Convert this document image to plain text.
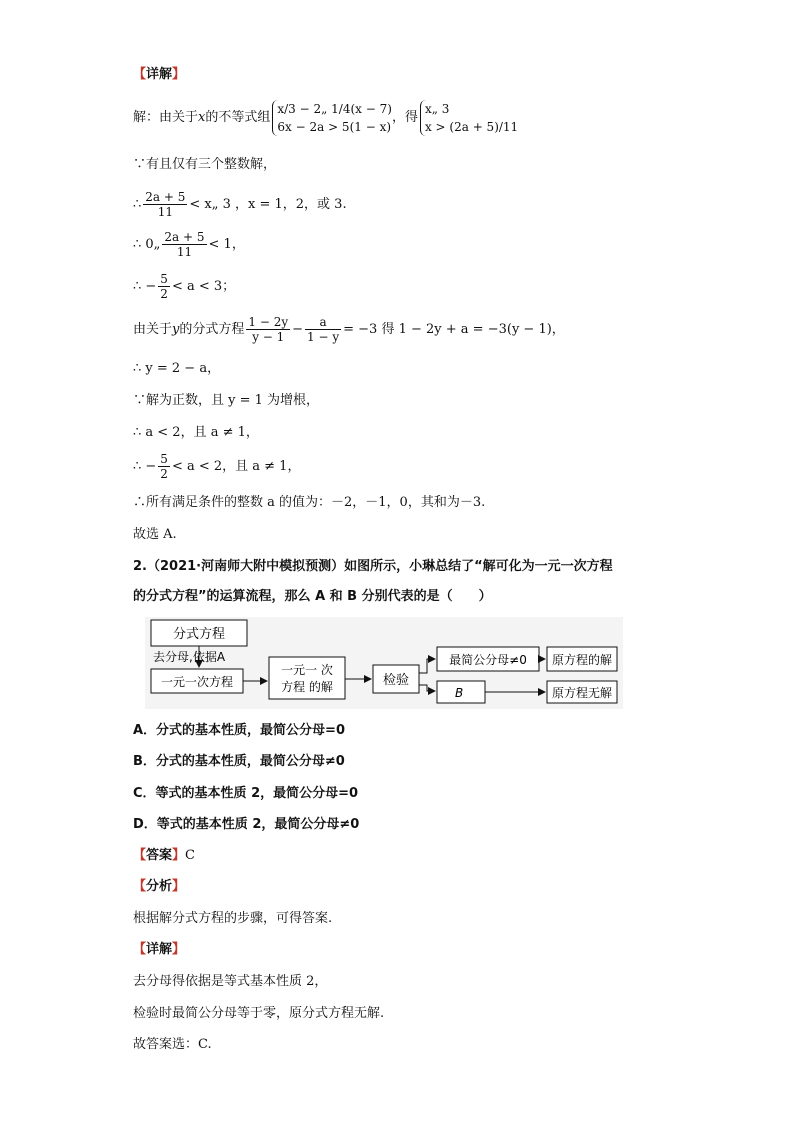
【详解】
解：由关于x的不等式组
x/3 − 2„ 1/4(x − 7)
6x − 2a > 5(1 − x)
，得
x„ 3
x > (2a + 5)/11
∵有且仅有三个整数解，
∴ $\frac{2a + 5}{11}$ < x„ 3 ，x = 1，2，或 3.
∴ 0„ $\frac{2a + 5}{11} < 1$，
∴ − $\frac{5}{2} < a < 3$；
由关于y的分式方程 $\frac{1 - 2y}{y - 1} - \frac{a}{1 - y} = -3$ 得 1 − 2y + a = −3(y − 1)，
∴ y = 2 − a，
∵解为正数，且 y = 1 为增根，
∴ a < 2，且 a ≠ 1，
∴ − $\frac{5}{2} < a < 2$，且 a ≠ 1，
∴所有满足条件的整数 a 的值为：－2，－1，0，其和为－3.
故选 A.
2.（2021·河南师大附中模拟预测）如图所示，小琳总结了“解可化为一元一次方程
的分式方程”的运算流程，那么 A 和 B 分别代表的是（　　）
分式方程
去分母,依据A
一元一次方程
一元一 次
方程 的解	检验
最简公分母≠0 原方程的解
B	原方程无解
A．分式的基本性质，最简公分母=0
B．分式的基本性质，最简公分母≠0
C．等式的基本性质 2，最简公分母=0
D．等式的基本性质 2，最简公分母≠0
【答案】C
【分析】
根据解分式方程的步骤，可得答案.
【详解】
去分母得依据是等式基本性质 2，
检验时最简公分母等于零，原分式方程无解.
故答案选：C.
